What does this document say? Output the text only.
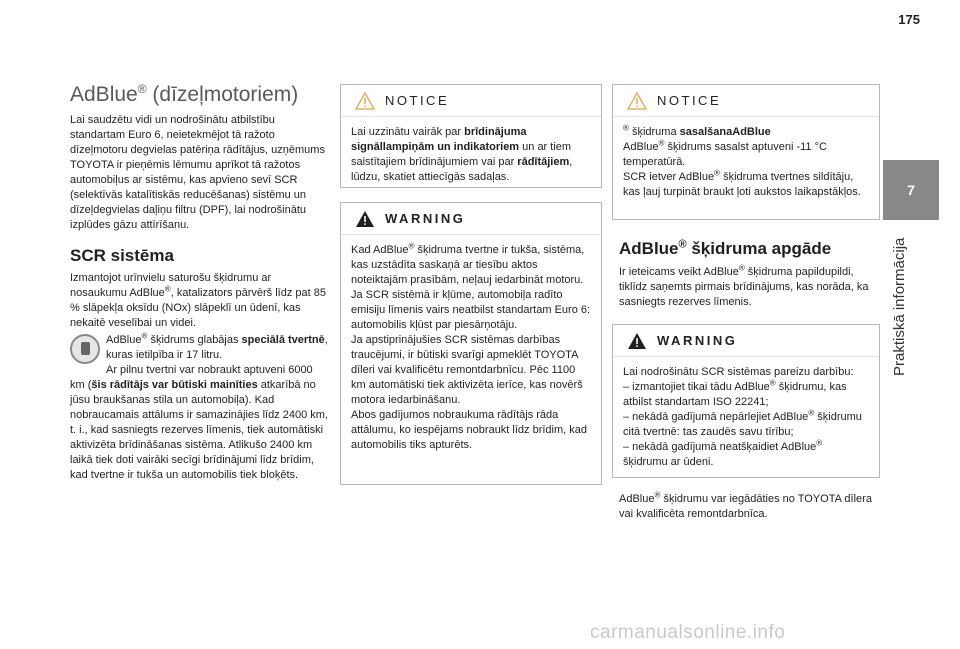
175
7
Praktiskā informācija
AdBlue® (dīzeļmotoriem)

Lai saudzētu vidi un nodrošinātu atbilstību standartam Euro 6, neietekmējot tā ražoto dīzeļmotoru degvielas patēriņa rādītājus, uzņēmums TOYOTA ir pieņēmis lēmumu aprīkot tā ražotos automobiļus ar sistēmu, kas apvieno sevī SCR (selektīvās katalītiskās reducēšanas) sistēmu un dīzeļdegvielas daļiņu filtru (DPF), lai nodrošinātu izplūdes gāzu attīrīšanu.

SCR sistēma

Izmantojot urīnvielu saturošu šķidrumu ar nosaukumu AdBlue®, katalizators pārvērš līdz pat 85 % slāpekļa oksīdu (NOx) slāpeklī un ūdenī, kas nekaitē veselībai un videi.

AdBlue® šķidrums glabājas speciālā tvertnē, kuras ietilpība ir 17 litru.

Ar pilnu tvertni var nobraukt aptuveni 6000 km (šis rādītājs var būtiski mainīties atkarībā no jūsu braukšanas stila un automobiļa). Kad nobraucamais attālums ir samazinājies līdz 2400 km, t. i., kad sasniegts rezerves līmenis, tiek automātiski aktivizēta brīdināšanas sistēma. Atlikušo 2400 km laikā tiek doti vairāki secīgi brīdinājumi līdz brīdim, kad tvertne ir tukša un automobilis tiek bloķēts.

NOTICE
Lai uzzinātu vairāk par brīdinājuma signāllampiņām un indikatoriem un ar tiem saistītajiem brīdinājumiem vai par rādītājiem, lūdzu, skatiet attiecīgās sadaļas.
WARNING

Kad AdBlue® šķidruma tvertne ir tukša, sistēma, kas uzstādīta saskaņā ar tiesību aktos noteiktajām prasībām, neļauj iedarbināt motoru.

Ja SCR sistēmā ir kļūme, automobiļa radīto emisiju līmenis vairs neatbilst standartam Euro 6: automobilis kļūst par piesārņotāju.

Ja apstiprinājušies SCR sistēmas darbības traucējumi, ir būtiski svarīgi apmeklēt TOYOTA dīleri vai kvalificētu remontdarbnīcu. Pēc 1100 km automātiski tiek aktivizēta ierīce, kas novērš motora iedarbināšanu.

Abos gadījumos nobraukuma rādītājs rāda attālumu, ko iespējams nobraukt līdz brīdim, kad automobilis tiks apturēts.

NOTICE

® šķidruma sasalšanaAdBlue

AdBlue® šķidrums sasalst aptuveni -11 °C temperatūrā.

SCR ietver AdBlue® šķidruma tvertnes sildītāju, kas ļauj turpināt braukt ļoti aukstos laikapstākļos.

AdBlue® šķidruma apgāde

Ir ieteicams veikt AdBlue® šķidruma papildupildi, tiklīdz saņemts pirmais brīdinājums, kas norāda, ka sasniegts rezerves līmenis.

WARNING

Lai nodrošinātu SCR sistēmas pareizu darbību:

– izmantojiet tikai tādu AdBlue® šķidrumu, kas atbilst standartam ISO 22241;

– nekādā gadījumā nepārlejiet AdBlue® šķidrumu citā tvertnē: tas zaudēs savu tīrību;

– nekādā gadījumā neatšķaidiet AdBlue® šķidrumu ar ūdeni.

AdBlue® šķidrumu var iegādāties no TOYOTA dīlera vai kvalificēta remontdarbnīca.

carmanualsonline.info
